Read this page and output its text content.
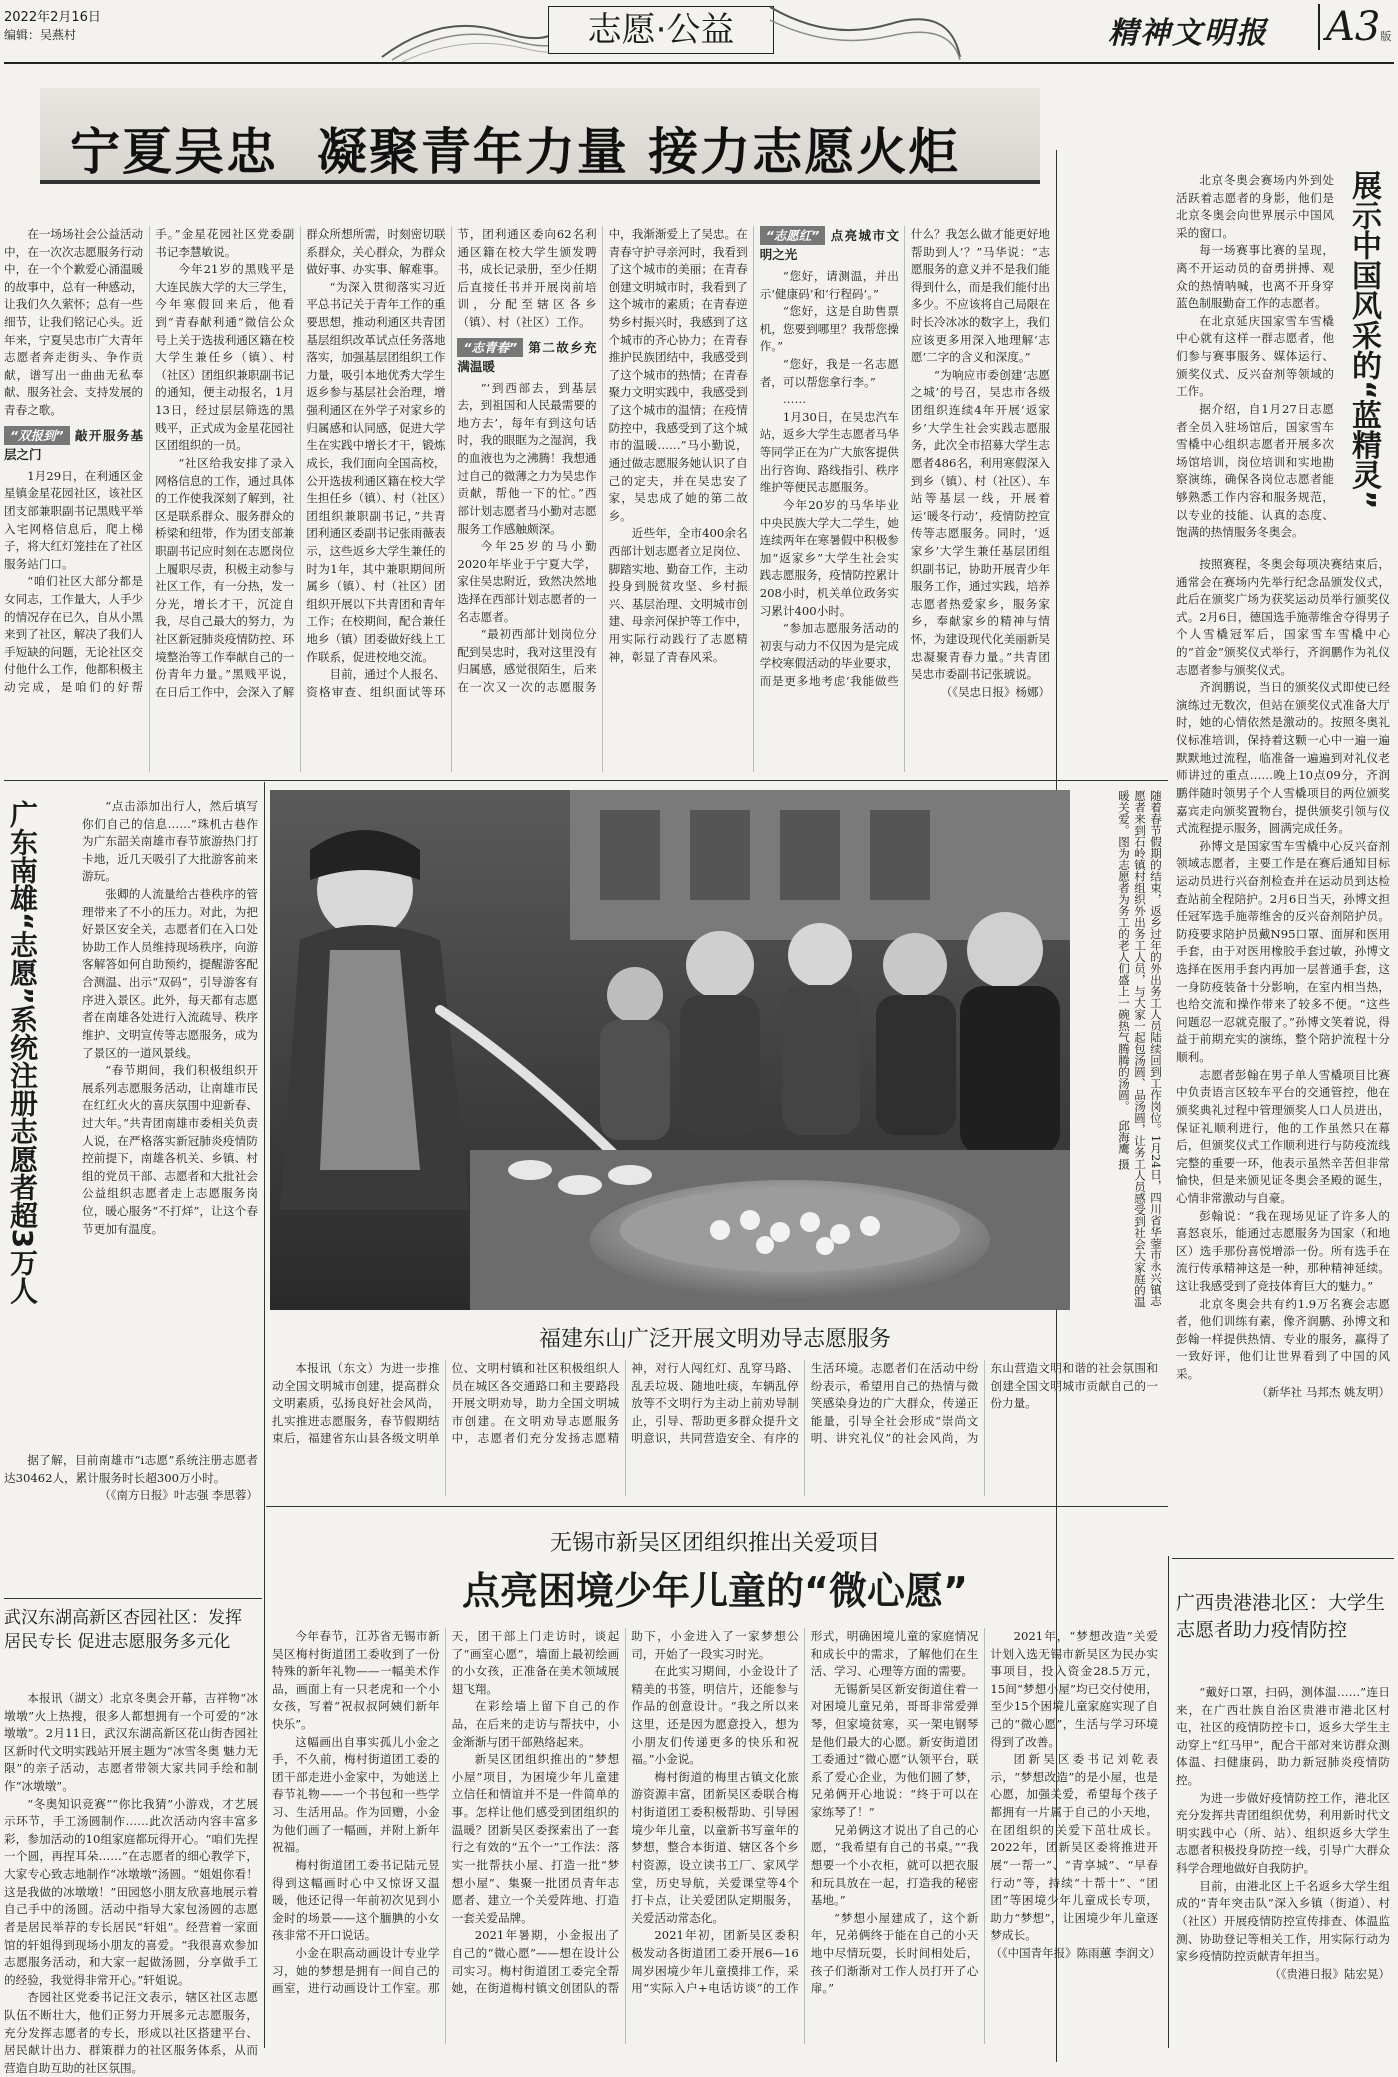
2022年2月16日
编辑：吴燕村	志愿·公益	精神文明报 A3版
宁夏吴忠  凝聚青年力量 接力志愿火炬

在一场场社会公益活动中，在一次次志愿服务行动中，在一个个歉爱心涌温暖的故事中，总有一种感动，让我们久久萦怀；总有一些细节，让我们铭记心头。近年来，宁夏吴忠市广大青年志愿者奔走街头、争作贡献，谱写出一曲曲无私奉献、服务社会、支持发展的青春之歌。

“双报到” 敲开服务基层之门

1月29日，在利通区金星镇金星花园社区，该社区团支部兼职副书记黑贱平举入宅网格信息后，爬上梯子，将大红灯笼挂在了社区服务站门口。

“咱们社区大部分都是女同志，工作量大，人手少的情况存在已久，自从小黑来到了社区，解决了我们人手短缺的问题，无论社区交付他什么工作，他都积极主动完成，是咱们的好帮手。”金星花园社区党委副书记李慧敏说。

今年21岁的黑贱平是大连民族大学的大三学生，今年寒假回来后，他看到“青春献利通”微信公众号上关于选拔利通区籍在校大学生兼任乡（镇）、村（社区）团组织兼职副书记的通知，便主动报名，1月13日，经过层层筛选的黑贱平，正式成为金星花园社区团组织的一员。

“社区给我安排了录入网格信息的工作，通过具体的工作使我深刻了解到，社区是联系群众、服务群众的桥梁和纽带，作为团支部兼职副书记应时刻在志愿岗位上履职尽责，积极主动参与社区工作，有一分热，发一分光，增长才干，沉淀自我，尽自己最大的努力，为社区新冠肺炎疫情防控、环境整治等工作奉献自己的一份青年力量。”黑贱平说，在日后工作中，会深入了解群众所想所需，时刻密切联系群众，关心群众，为群众做好事、办实事、解难事。

“为深入贯彻落实习近平总书记关于青年工作的重要思想，推动利通区共青团基层组织改革试点任务落地落实，加强基层团组织工作力量，吸引本地优秀大学生返乡参与基层社会治理，增强利通区在外学子对家乡的归属感和认同感，促进大学生在实践中增长才干，锻炼成长，我们面向全国高校，公开选拔利通区籍在校大学生担任乡（镇）、村（社区）团组织兼职副书记，”共青团利通区委副书记张雨薇表示，这些返乡大学生兼任的时为1年，其中兼职期间所属乡（镇）、村（社区）团组织开展以下共青团和青年工作；在校期间，配合兼任地乡（镇）团委做好线上工作联系，促进校地交流。

目前，通过个人报名、资格审查、组织面试等环节，团利通区委向62名利通区籍在校大学生颁发聘书，成长记录册，至少任期后直接任书并开展岗前培训，分配至辖区各乡（镇）、村（社区）工作。

“志青春” 第二故乡充满温暖

“‘到西部去，到基层去，到祖国和人民最需要的地方去’，每年有到这句话时，我的眼眶为之湿润，我的血液也为之沸腾！我想通过自己的微薄之力为吴忠作贡献，帮他一下的忙。”西部计划志愿者马小勤对志愿服务工作感触颇深。

今年25岁的马小勤2020年毕业于宁夏大学，家住吴忠附近，致然决然地选择在西部计划志愿者的一名志愿者。

“最初西部计划岗位分配到吴忠时，我对这里没有归属感，感觉很陌生，后来在一次又一次的志愿服务中，我渐渐爱上了吴忠。在青春守护寻亲河时，我看到了这个城市的美丽；在青春创建文明城市时，我看到了这个城市的素质；在青春逆势乡村振兴时，我感到了这个城市的齐心协力；在青春推护民族团结中，我感受到了这个城市的热情；在青春聚力文明实践中，我感受到了这个城市的温情；在疫情防控中，我感受到了这个城市的温暖……”马小勤说，通过做志愿服务她认识了自己的定夫，并在吴忠安了家，吴忠成了她的第二故乡。

近些年，全市400余名西部计划志愿者立足岗位、脚踏实地、勤奋工作，主动投身到脱贫攻坚、乡村振兴、基层治理、文明城市创建、母亲河保护等工作中，用实际行动践行了志愿精神，彰显了青春风采。

“志愿红” 点亮城市文明之光

“您好，请测温，并出示‘健康码’和‘行程码’。”

“您好，这是自助售票机，您要到哪里？我帮您操作。”

“您好，我是一名志愿者，可以帮您拿行李。”

……

1月30日，在吴忠汽车站，返乡大学生志愿者马华等同学正在为广大旅客提供出行咨询、路线指引、秩序维护等便民志愿服务。

今年20岁的马华毕业中央民族大学大二学生，她连续两年在寒暑假中积极参加“返家乡”大学生社会实践志愿服务，疫情防控累计208小时，机关单位政务实习累计400小时。

“参加志愿服务活动的初衷与动力不仅因为是完成学校寒假活动的毕业要求，而是更多地考虑‘我能做些什么？我怎么做才能更好地帮助到人’？”马华说：“志愿服务的意义并不是我们能得到什么，而是我们能付出多少。不应该将自己局限在时长冷冰冰的数字上，我们应该更多用深入地理解‘志愿’二字的含义和深度。”

“为响应市委创建‘志愿之城’的号召，吴忠市各级团组织连续4年开展‘返家乡’大学生社会实践志愿服务，此次全市招募大学生志愿者486名，利用寒假深入到乡（镇）、村（社区）、车站等基层一线，开展着运‘暖冬行动’，疫情防控宣传等志愿服务。同时，‘返家乡’大学生兼任基层团组织副书记，协助开展青少年服务工作，通过实践，培养志愿者热爱家乡，服务家乡，奉献家乡的精神与情怀，为建设现代化美丽新吴忠凝聚青春力量。”共青团吴忠市委副书记张琥说。

（《吴忠日报》杨娜）
展示中国风采的“蓝精灵”

北京冬奥会赛场内外到处活跃着志愿者的身影，他们是北京冬奥会向世界展示中国风采的窗口。

每一场赛事比赛的呈现，离不开运动员的奋勇拼搏、观众的热情呐喊，也离不开身穿蓝色制服勤奋工作的志愿者。

在北京延庆国家雪车雪橇中心就有这样一群志愿者，他们参与赛事服务、媒体运行、颁奖仪式、反兴奋剂等领域的工作。

据介绍，自1月27日志愿者全员入驻场馆后，国家雪车雪橇中心组织志愿者开展多次场馆培训，岗位培训和实地勘察演练，确保各岗位志愿者能够熟悉工作内容和服务规范，以专业的技能、认真的态度、饱满的热情服务冬奥会。

按照赛程，冬奥会每项决赛结束后，通常会在赛场内先举行纪念品颁发仪式，此后在颁奖广场为获奖运动员举行颁奖仪式。2月6日，德国选手施蒂维舍夺得男子个人雪橇冠军后，国家雪车雪橇中心的“首金”颁奖仪式举行，齐润鹏作为礼仪志愿者参与颁奖仪式。

齐润鹏说，当日的颁奖仪式即使已经演练过无数次，但站在颁奖仪式准备大厅时，她的心情依然是激动的。按照冬奥礼仪标准培训，保持着这颗一心中一遍一遍默默地过流程，临准备一遍遍到对礼仪老师讲过的重点……晚上10点09分，齐润鹏伴随时领男子个人雪橇项目的两位颁奖嘉宾走向颁奖置物台，提供颁奖引领与仪式流程提示服务，圆满完成任务。

孙博文是国家雪车雪橇中心反兴奋剂领域志愿者，主要工作是在赛后通知目标运动员进行兴奋剂检查并在运动员到达检查站前全程陪护。2月6日当天，孙博文担任冠军选手施蒂维舍的反兴奋剂陪护员。防疫要求陪护员戴N95口罩、面屏和医用手套，由于对医用橡胶手套过敏，孙博文选择在医用手套内再加一层普通手套，这一身防疫装备十分影响，在室内相当热，也给交流和操作带来了较多不便。“这些问题忍一忍就克服了。”孙博文笑着说，得益于前期充实的演练，整个陪护流程十分顺利。

志愿者彭翰在男子单人雪橇项目比赛中负责语言区较车平台的交通管控，他在颁奖典礼过程中管理颁奖人口人员进出，保证礼顺利进行，他的工作虽然只在幕后，但颁奖仪式工作顺利进行与防疫流线完整的重要一环，他表示虽然辛苦但非常愉快，但是来颁见证冬奥会圣殿的诞生，心情非常激动与自豪。

彭翰说：“我在现场见证了许多人的喜怒哀乐，能通过志愿服务为国家（和地区）选手那份喜悦增添一份。所有选手在流行传承精神这是一种，那种精神延续。这让我感受到了竞技体育巨大的魅力。”

北京冬奥会共有约1.9万名赛会志愿者，他们训练有素，像齐润鹏、孙博文和彭翰一样提供热情、专业的服务，赢得了一致好评，他们让世界看到了中国的风采。

（新华社 马邦杰 姚友明）
广东南雄“志愿”系统注册志愿者超3万人	“点击添加出行人，然后填写你们自己的信息……”珠机古巷作为广东韶关南雄市春节旅游热门打卡地，近几天吸引了大批游客前来游玩。

张卿的人流量给古巷秩序的管理带来了不小的压力。对此，为把好景区安全关，志愿者们在入口处协助工作人员维持现场秩序，向游客解答如何自助预约，提醒游客配合测温、出示“双码”，引导游客有序进入景区。此外，每天都有志愿者在南雄各处进行入流疏导、秩序维护、文明宣传等志愿服务，成为了景区的一道风景线。

“春节期间，我们积极组织开展系列志愿服务活动，让南雄市民在红红火火的喜庆氛围中迎新春、过大年。”共青团南雄市委相关负责人说，在严格落实新冠肺炎疫情防控前提下，南雄各机关、乡镇、村组的党员干部、志愿者和大批社会公益组织志愿者走上志愿服务岗位，暖心服务“不打烊”，让这个春节更加有温度。

据了解，目前南雄市“i志愿”系统注册志愿者达30462人，累计服务时长超300万小时。

（《南方日报》叶志强 李思蓉）
随着春节假期的结束，返乡过年的外出务工人员陆续回到工作岗位。1月24日，四川省华蓥市永兴镇志愿者来到石岭镇村组织外出务工人员，与大家一起包汤圆、品汤圆，让务工人员感受到社会大家庭的温暖关爱。图为志愿者为务工的老人们盛上一碗热气腾腾的汤圆。邱海鹰 摄
福建东山广泛开展文明劝导志愿服务

本报讯（东文）为进一步推动全国文明城市创建，提高群众文明素质，弘扬良好社会风尚，扎实推进志愿服务，春节假期结束后，福建省东山县各级文明单位、文明村镇和社区积极组织人员在城区各交通路口和主要路段开展文明劝导，助力全国文明城市创建。在文明劝导志愿服务中，志愿者们充分发扬志愿精神，对行人闯红灯、乱穿马路、乱丢垃圾、随地吐痰，车辆乱停放等不文明行为主动上前劝导制止，引导、帮助更多群众提升文明意识，共同营造安全、有序的生活环境。志愿者们在活动中纷纷表示，希望用自己的热情与微笑感染身边的广大群众，传递正能量，引导全社会形成“崇尚文明、讲究礼仪”的社会风尚，为东山营造文明和谐的社会氛围和创建全国文明城市贡献自己的一份力量。

武汉东湖高新区杏园社区：发挥居民专长 促进志愿服务多元化

本报讯（湖文）北京冬奥会开幕，吉祥物“冰墩墩”火上热搜，很多人都想拥有一个可爱的“冰墩墩”。2月11日，武汉东湖高新区花山街杏园社区新时代文明实践站开展主题为“冰雪冬奥 魅力无限”的亲子活动，志愿者带领大家共同手绘和制作“冰墩墩”。

“冬奥知识竞赛”“你比我猜”小游戏，才艺展示环节，手工汤圆制作……此次活动内容丰富多彩，参加活动的10组家庭都玩得开心。“咱们先捏一个圆，再捏耳朵……”在志愿者的细心教学下，大家专心致志地制作“冰墩墩”汤圆。“姐姐你看！这是我做的冰墩墩！”田园悠小朋友欣喜地展示着自己手中的汤圆。活动中指导大家包汤圆的志愿者是居民举荐的专长居民“轩姐”。经营着一家面馆的轩姐得到现场小朋友的喜爱。“我很喜欢参加志愿服务活动，和大家一起做汤圆，分享做手工的经验，我觉得非常开心。”轩姐说。

杏园社区党委书记汪文表示，辖区社区志愿队伍不断壮大，他们正努力开展多元志愿服务，充分发挥志愿者的专长，形成以社区搭建平台、居民献计出力、群策群力的社区服务体系，从而营造自助互助的社区氛围。

无锡市新吴区团组织推出关爱项目
点亮困境少年儿童的“微心愿”

今年春节，江苏省无锡市新吴区梅村街道团工委收到了一份特殊的新年礼物——一幅美术作品，画面上有一只老虎和一个小女孩，写着“祝叔叔阿姨们新年快乐”。

这幅画出自事实孤儿小金之手，不久前，梅村街道团工委的团干部走进小金家中，为她送上春节礼物——一个书包和一些学习、生活用品。作为回赠，小金为他们画了一幅画，并附上新年祝福。

梅村街道团工委书记陆元昱得到这幅画时心中又惊讶又温暖，他还记得一年前初次见到小金时的场景——这个腼腆的小女孩非常不开口说话。

小金在职高动画设计专业学习，她的梦想是拥有一间自己的画室，进行动画设计工作室。那天，团干部上门走访时，谈起了“画室心愿”，墙面上最初绘画的小女孩，正准备在美术领域展翅飞翔。

在彩绘墙上留下自己的作品，在后来的走访与帮扶中，小金渐渐与团干部熟络起来。

新吴区团组织推出的“梦想小屋”项目，为困境少年儿童建立信任和情谊并不是一件简单的事。怎样让他们感受到团组织的温暖？团新吴区委探索出了一套行之有效的“五个一”工作法：落实一批帮扶小屋、打造一批“梦想小屋”、集聚一批团员青年志愿者、建立一个关爱阵地、打造一套关爱品牌。

2021年暑期，小金报出了自己的“微心愿”——想在设计公司实习。梅村街道团工委完全帮她，在街道梅村镇文创团队的帮助下，小金进入了一家梦想公司，开始了一段实习时光。

在此实习期间，小金设计了精美的书签，明信片，还能参与作品的创意设计。“我之所以来这里，还是因为愿意投入，想为小朋友们传递更多的快乐和祝福。”小金说。

梅村街道的梅里古镇文化旅游资源丰富，团新吴区委联合梅村街道团工委积极帮助、引导困境少年儿童，以童新书写童年的梦想，整合本街道、辖区各个乡村资源，设立读书工厂、家风学堂，历史导航，关爱课堂等4个打卡点，让关爱团队定期服务，关爱活动常态化。

2021年初，团新吴区委积极发动各街道团工委开展6—16周岁困境少年儿童摸排工作，采用“实际入户+电话访谈”的工作形式，明确困境儿童的家庭情况和成长中的需求，了解他们在生活、学习、心理等方面的需要。

无锡新吴区新安街道住着一对困境儿童兄弟，哥哥非常爱弹琴，但家境贫寒，买一架电钢琴是他们最大的心愿。新安街道团工委通过“微心愿”认领平台，联系了爱心企业，为他们圆了梦，兄弟俩开心地说：“终于可以在家练琴了！”

兄弟俩这才说出了自己的心愿，“我希望有自己的书桌。”“我想要一个小衣柜，就可以把衣服和玩具放在一起，打造我的秘密基地。”

“梦想小屋建成了，这个新年，兄弟俩终于能在自己的小天地中尽情玩耍，长时间相处后，孩子们渐渐对工作人员打开了心扉。”

2021年，“梦想改造”关爱计划入选无锡市新吴区为民办实事项目，投入资金28.5万元，15间“梦想小屋”均已交付使用，至少15个困境儿童家庭实现了自己的“微心愿”，生活与学习环境得到了改善。

团新吴区委书记刘乾表示，“梦想改造”的是小屋，也是心愿，加强关爱，希望每个孩子都拥有一片属于自己的小天地，在团组织的关爱下茁壮成长。2022年，团新吴区委将推进开展“一帮一”、“青享城”、“早春行动”等，持续“十帮十”、“团团”等困境少年儿童成长专项，助力“梦想”，让困境少年儿童逐梦成长。

（《中国青年报》陈雨蕙 李润文）
广西贵港港北区：大学生志愿者助力疫情防控

“戴好口罩，扫码，测体温……”连日来，在广西壮族自治区贵港市港北区村屯，社区的疫情防控卡口，返乡大学生主动穿上“红马甲”，配合干部对来访群众测体温、扫健康码，助力新冠肺炎疫情防控。

为进一步做好疫情防控工作，港北区充分发挥共青团组织优势，利用新时代文明实践中心（所、站）、组织返乡大学生志愿者积极投身防控一线，引导广大群众科学合理地做好自我防护。

目前，由港北区上千名返乡大学生组成的“青年突击队”深入乡镇（街道）、村（社区）开展疫情防控宣传排查、体温监测、协助登记等相关工作，用实际行动为家乡疫情防控贡献青年担当。

（《贵港日报》陆宏晃）
